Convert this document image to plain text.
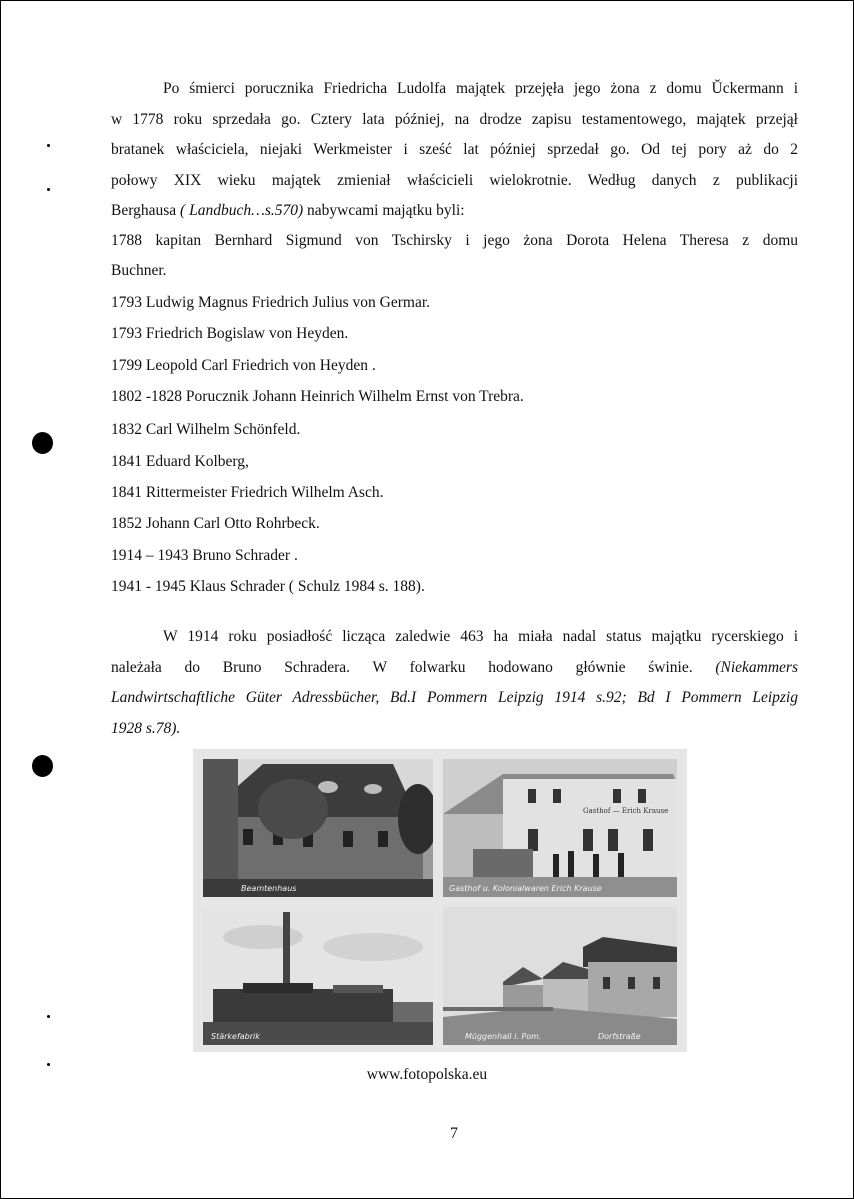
Po śmierci porucznika Friedricha Ludolfa majątek przejęła jego żona z domu Ŭckermann i
w 1778 roku sprzedała go. Cztery lata później, na drodze zapisu testamentowego, majątek przejął
bratanek właściciela, niejaki Werkmeister i sześć lat później sprzedał go. Od tej pory aż do 2
połowy XIX wieku majątek zmieniał właścicieli wielokrotnie. Według danych z publikacji
Berghausa ( Landbuch…s.570) nabywcami majątku byli:
1788 kapitan Bernhard Sigmund von Tschirsky i jego żona Dorota Helena Theresa z domu
Buchner.
1793 Ludwig Magnus Friedrich Julius von Germar.
1793 Friedrich Bogislaw von Heyden.
1799 Leopold Carl Friedrich von Heyden .
1802 -1828 Porucznik Johann Heinrich Wilhelm Ernst von Trebra.
1832 Carl Wilhelm Schönfeld.
1841 Eduard Kolberg,
1841 Rittermeister Friedrich Wilhelm Asch.
1852 Johann Carl Otto Rohrbeck.
1914 – 1943 Bruno Schrader .
1941 - 1945 Klaus Schrader ( Schulz 1984 s. 188).
W 1914 roku posiadłość licząca zaledwie 463 ha miała nadal status majątku rycerskiego i
należała do Bruno Schradera. W folwarku hodowano głównie świnie. (Niekammers
Landwirtschaftliche Güter Adressbücher, Bd.I Pommern Leipzig 1914 s.92; Bd I Pommern Leipzig
1928 s.78).
Beamtenhaus
Gasthof — Erich Krause
Gasthof u. Kolonialwaren Erich Krause
Stärkefabrik	Müggenhall i. Pom.	Dorfstraße
www.fotopolska.eu
7
